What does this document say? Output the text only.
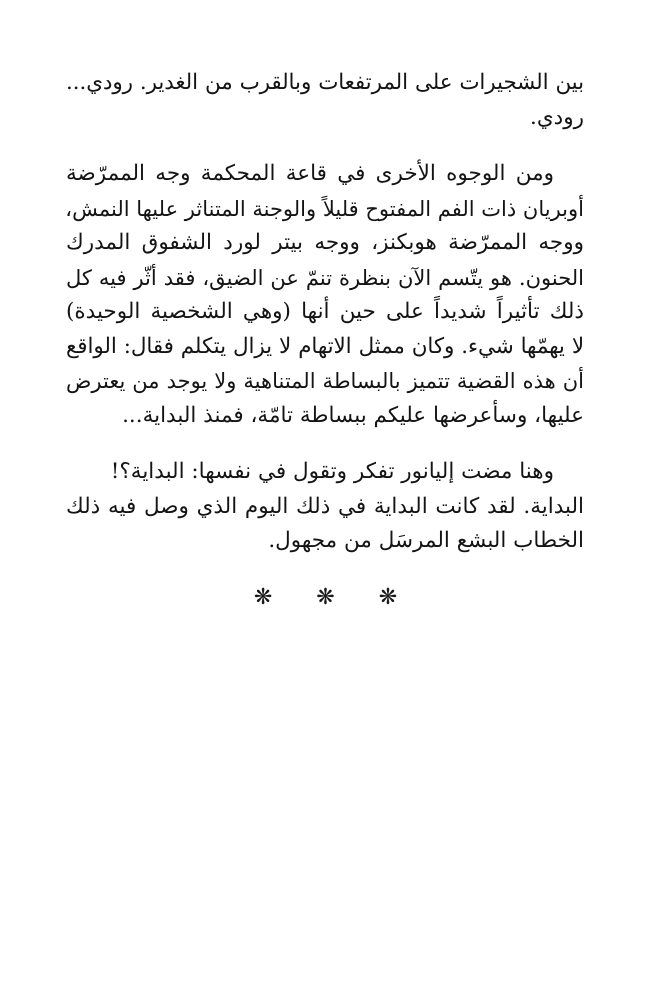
بين الشجيرات على المرتفعات وبالقرب من الغدير. رودي...
رودي.
ومن الوجوه الأخرى في قاعة المحكمة وجه الممرّضة
أوبريان ذات الفم المفتوح قليلاً والوجنة المتناثر عليها النمش،
ووجه الممرّضة هوبكنز، ووجه بيتر لورد الشفوق المدرك
الحنون. هو يتّسم الآن بنظرة تنمّ عن الضيق، فقد أثّر فيه كل
ذلك تأثيراً شديداً على حين أنها (وهي الشخصية الوحيدة)
لا يهمّها شيء. وكان ممثل الاتهام لا يزال يتكلم فقال: الواقع
أن هذه القضية تتميز بالبساطة المتناهية ولا يوجد من يعترض
عليها، وسأعرضها عليكم ببساطة تامّة، فمنذ البداية...
وهنا مضت إليانور تفكر وتقول في نفسها: البداية؟!
البداية. لقد كانت البداية في ذلك اليوم الذي وصل فيه ذلك
الخطاب البشع المرسَل من مجهول.
❋ ❋ ❋
